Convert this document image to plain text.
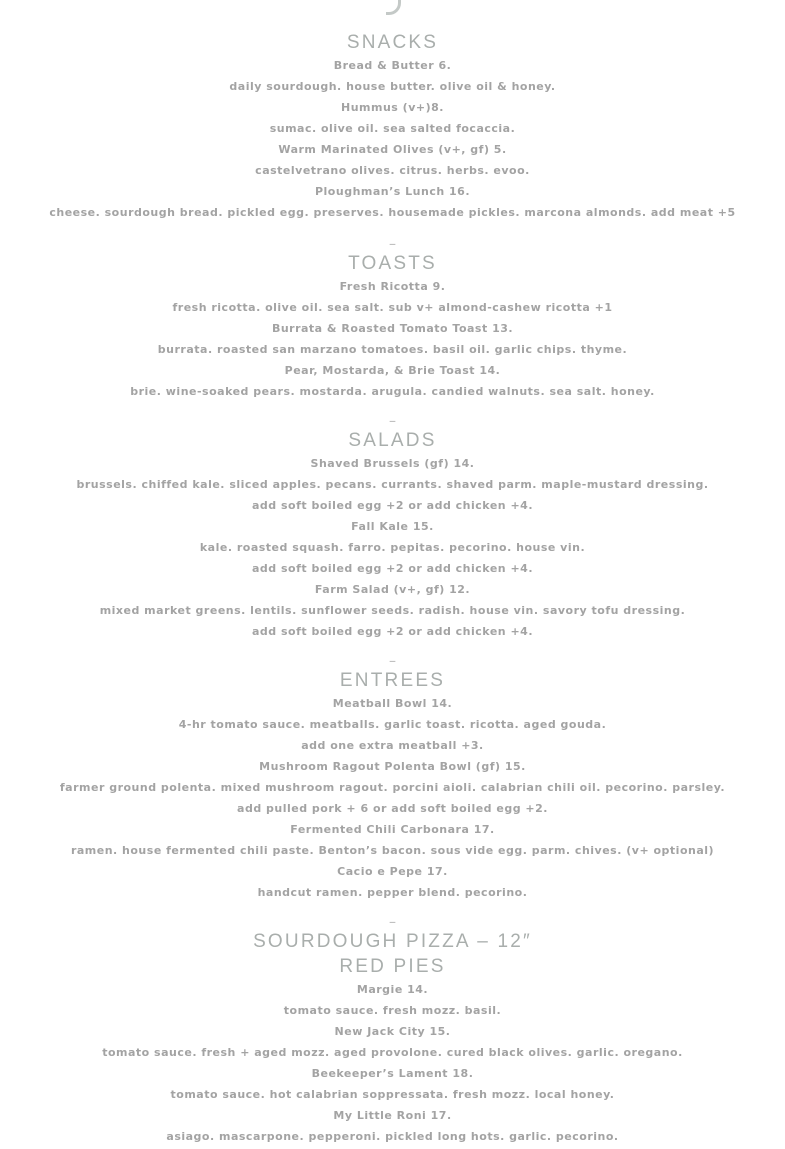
SNACKS
Bread & Butter 6.
daily sourdough. house butter. olive oil & honey.
Hummus (v+)8.
sumac. olive oil. sea salted focaccia.
Warm Marinated Olives (v+, gf) 5.
castelvetrano olives. citrus. herbs. evoo.
Ploughman’s Lunch 16.
cheese. sourdough bread. pickled egg. preserves. housemade pickles. marcona almonds. add meat +5
_
TOASTS
Fresh Ricotta 9.
fresh ricotta. olive oil. sea salt. sub v+ almond-cashew ricotta +1
Burrata & Roasted Tomato Toast 13.
burrata. roasted san marzano tomatoes. basil oil. garlic chips. thyme.
Pear, Mostarda, & Brie Toast 14.
brie. wine-soaked pears. mostarda. arugula. candied walnuts. sea salt. honey.
_
SALADS
Shaved Brussels (gf) 14.
brussels. chiffed kale. sliced apples. pecans. currants. shaved parm. maple-mustard dressing.
add soft boiled egg +2 or add chicken +4.
Fall Kale 15.
kale. roasted squash. farro. pepitas. pecorino. house vin.
add soft boiled egg +2 or add chicken +4.
Farm Salad (v+, gf) 12.
mixed market greens. lentils. sunflower seeds. radish. house vin. savory tofu dressing.
add soft boiled egg +2 or add chicken +4.
_
ENTREES
Meatball Bowl 14.
4-hr tomato sauce. meatballs. garlic toast. ricotta. aged gouda.
add one extra meatball +3.
Mushroom Ragout Polenta Bowl (gf) 15.
farmer ground polenta. mixed mushroom ragout. porcini aioli. calabrian chili oil. pecorino. parsley.
add pulled pork + 6 or add soft boiled egg +2.
Fermented Chili Carbonara 17.
ramen. house fermented chili paste. Benton’s bacon. sous vide egg. parm. chives. (v+ optional)
Cacio e Pepe 17.
handcut ramen. pepper blend. pecorino.
_
SOURDOUGH PIZZA – 12″
RED PIES
Margie 14.
tomato sauce. fresh mozz. basil.
New Jack City 15.
tomato sauce. fresh + aged mozz. aged provolone. cured black olives. garlic. oregano.
Beekeeper’s Lament 18.
tomato sauce. hot calabrian soppressata. fresh mozz. local honey.
My Little Roni 17.
asiago. mascarpone. pepperoni. pickled long hots. garlic. pecorino.
